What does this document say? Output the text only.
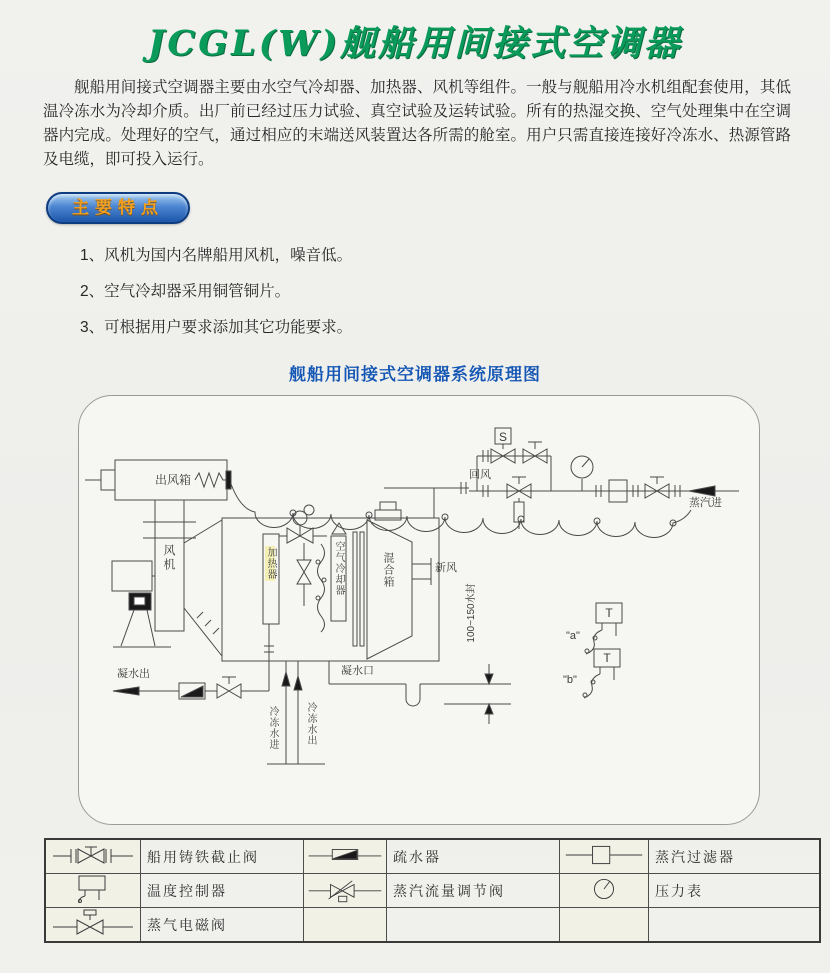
JCGL(W)舰船用间接式空调器
舰船用间接式空调器主要由水空气冷却器、加热器、风机等组件。一般与舰船用冷水机组配套使用，其低温冷冻水为冷却介质。出厂前已经过压力试验、真空试验及运转试验。所有的热湿交换、空气处理集中在空调器内完成。处理好的空气，通过相应的末端送风装置达各所需的舱室。用户只需直接连接好冷冻水、热源管路及电缆，即可投入运行。
主要特点
1、风机为国内名牌船用风机，噪音低。
2、空气冷却器采用铜管铜片。
3、可根据用户要求添加其它功能要求。
舰船用间接式空调器系统原理图
出风箱
风机	加热器	空气冷却器	混合箱	新风
回风
S
蒸汽进
凝水出	凝水口
100~150水封
冷冻水进	冷冻水出
T
T
"a"
"b"
	船用铸铁截止阀		疏水器		蒸汽过滤器
	温度控制器		蒸汽流量调节阀		压力表
	蒸气电磁阀				
